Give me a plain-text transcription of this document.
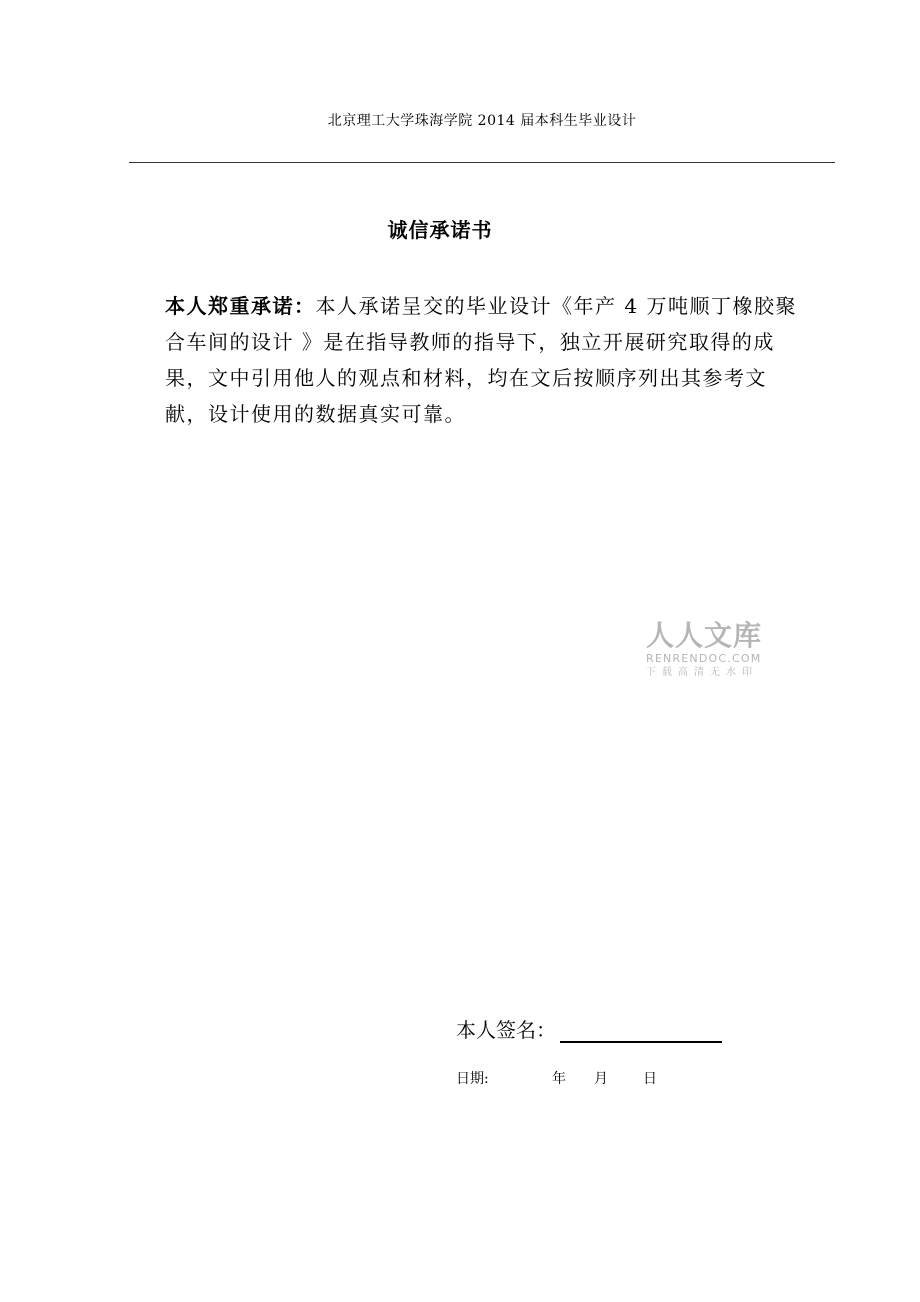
北京理工大学珠海学院 2014 届本科生毕业设计
诚信承诺书

本人郑重承诺：本人承诺呈交的毕业设计《年产 4 万吨顺丁橡胶聚合车间的设计 》是在指导教师的指导下，独立开展研究取得的成果，文中引用他人的观点和材料，均在文后按顺序列出其参考文献，设计使用的数据真实可靠。

人人文库
RENRENDOC.COM
下载高清无水印
本人签名：
日期:	年	月	日
